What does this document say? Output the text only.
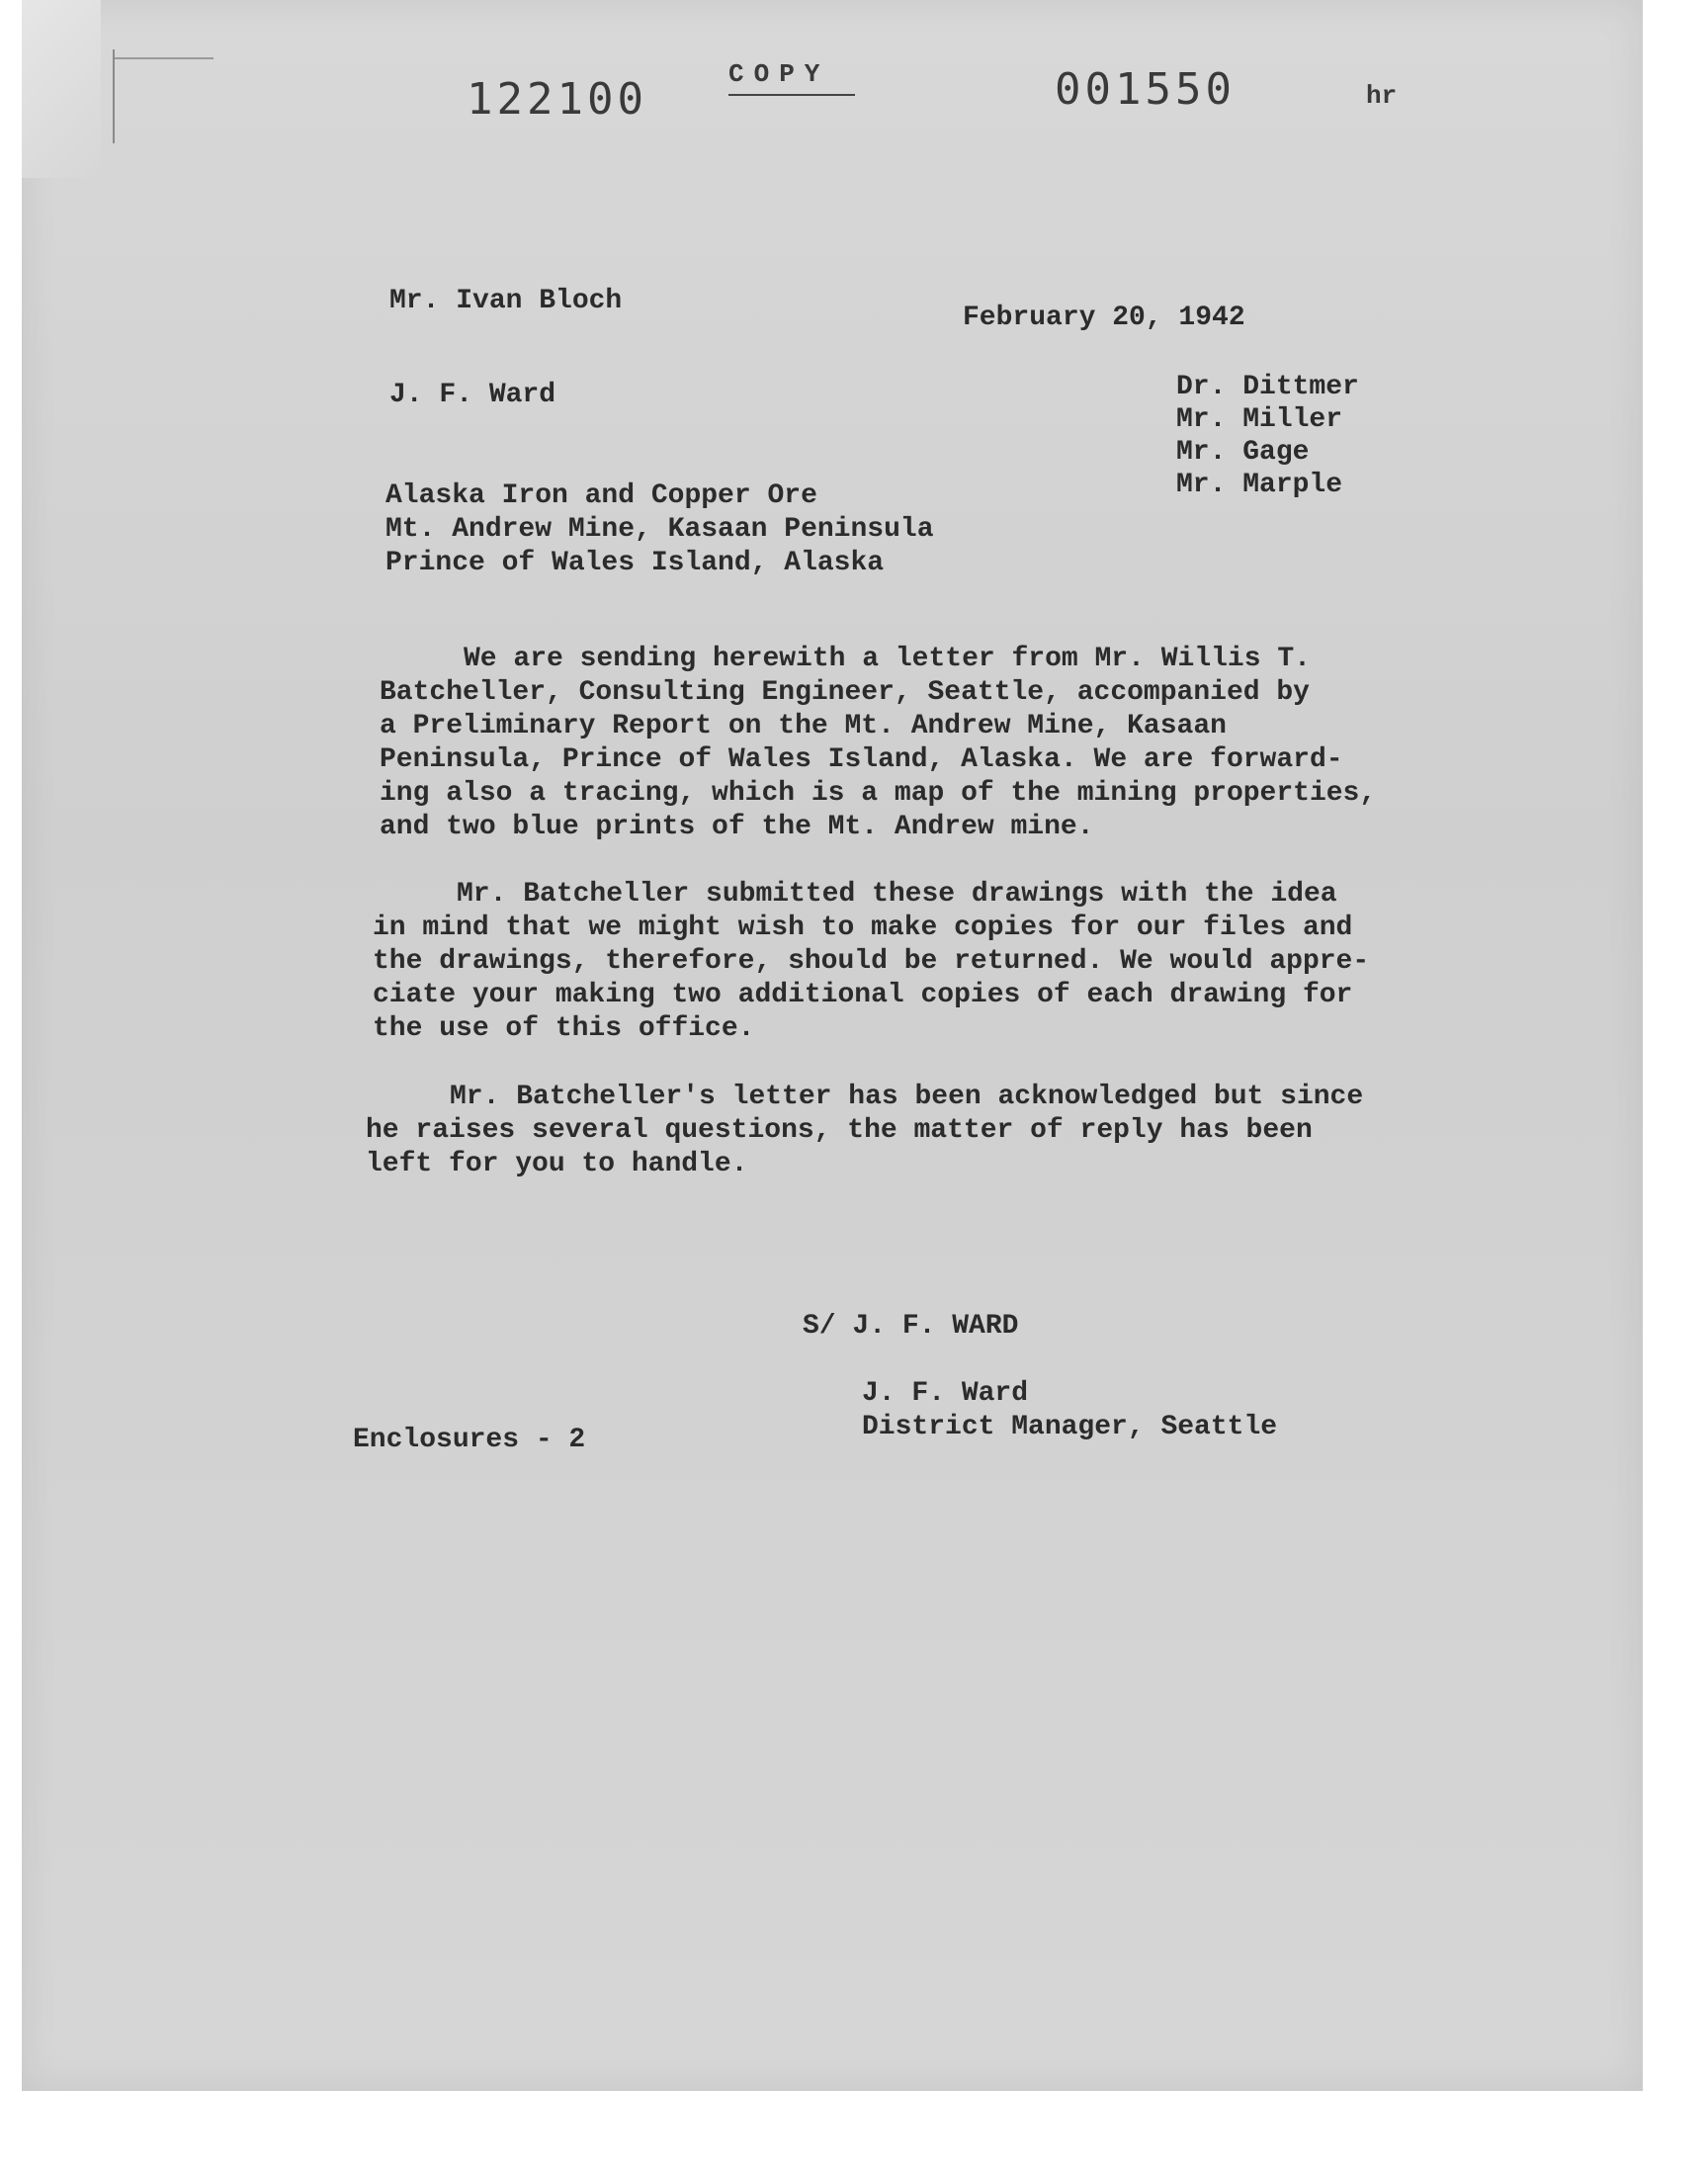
122100	COPY	001550	hr
Mr. Ivan Bloch
February 20, 1942
J. F. Ward	Dr. Dittmer
Mr. Miller
Mr. Gage
Mr. Marple
Alaska Iron and Copper Ore
Mt. Andrew Mine, Kasaan Peninsula
Prince of Wales Island, Alaska
We are sending herewith a letter from Mr. Willis T.
Batcheller, Consulting Engineer, Seattle, accompanied by
a Preliminary Report on the Mt. Andrew Mine, Kasaan
Peninsula, Prince of Wales Island, Alaska. We are forward-
ing also a tracing, which is a map of the mining properties,
and two blue prints of the Mt. Andrew mine.
Mr. Batcheller submitted these drawings with the idea
in mind that we might wish to make copies for our files and
the drawings, therefore, should be returned. We would appre-
ciate your making two additional copies of each drawing for
the use of this office.
Mr. Batcheller's letter has been acknowledged but since
he raises several questions, the matter of reply has been
left for you to handle.
S/ J. F. WARD
J. F. Ward
District Manager, Seattle
Enclosures - 2
